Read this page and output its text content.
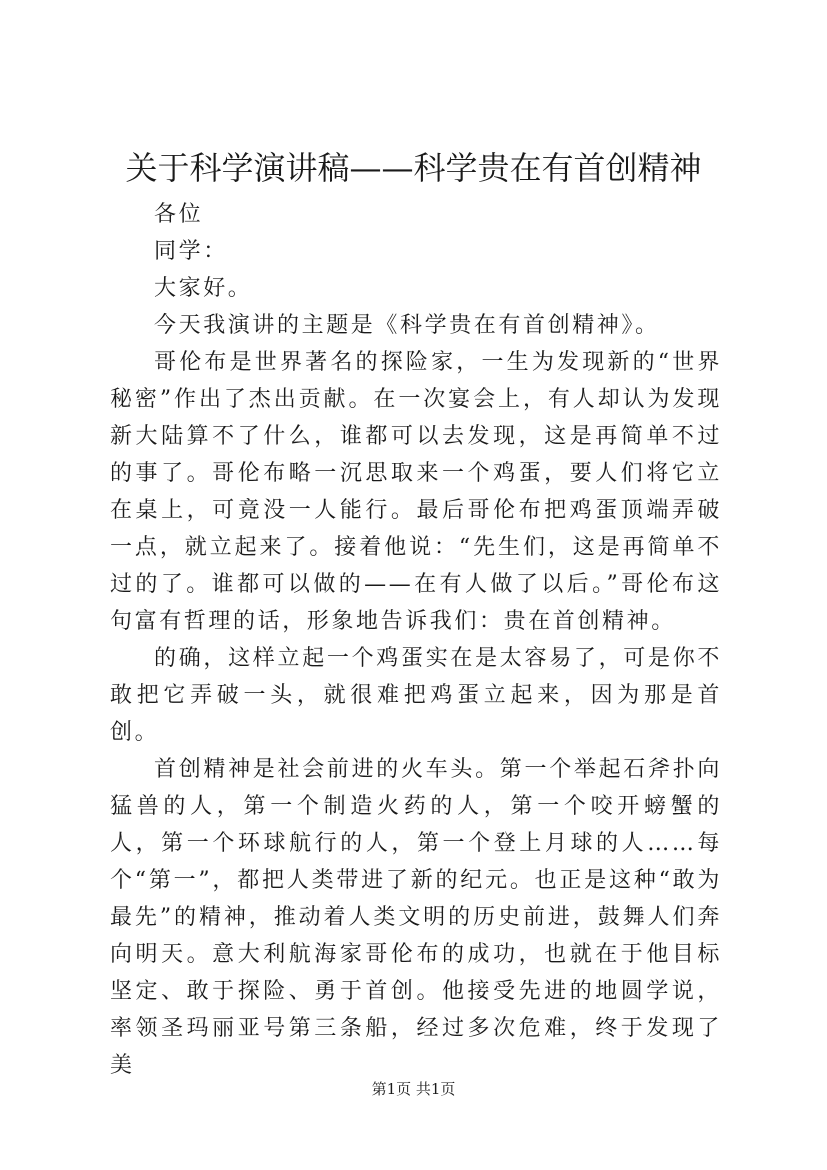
关于科学演讲稿——科学贵在有首创精神

各位

同学：

大家好。

今天我演讲的主题是《科学贵在有首创精神》。

哥伦布是世界著名的探险家，一生为发现新的“世界秘密”作出了杰出贡献。在一次宴会上，有人却认为发现新大陆算不了什么，谁都可以去发现，这是再简单不过的事了。哥伦布略一沉思取来一个鸡蛋，要人们将它立在桌上，可竟没一人能行。最后哥伦布把鸡蛋顶端弄破一点，就立起来了。接着他说：“先生们，这是再简单不过的了。谁都可以做的——在有人做了以后。”哥伦布这句富有哲理的话，形象地告诉我们：贵在首创精神。

的确，这样立起一个鸡蛋实在是太容易了，可是你不敢把它弄破一头，就很难把鸡蛋立起来，因为那是首创。

首创精神是社会前进的火车头。第一个举起石斧扑向猛兽的人，第一个制造火药的人，第一个咬开螃蟹的人，第一个环球航行的人，第一个登上月球的人……每个“第一”，都把人类带进了新的纪元。也正是这种“敢为最先”的精神，推动着人类文明的历史前进，鼓舞人们奔向明天。意大利航海家哥伦布的成功，也就在于他目标坚定、敢于探险、勇于首创。他接受先进的地圆学说，率领圣玛丽亚号第三条船，经过多次危难，终于发现了美

第1页 共1页
